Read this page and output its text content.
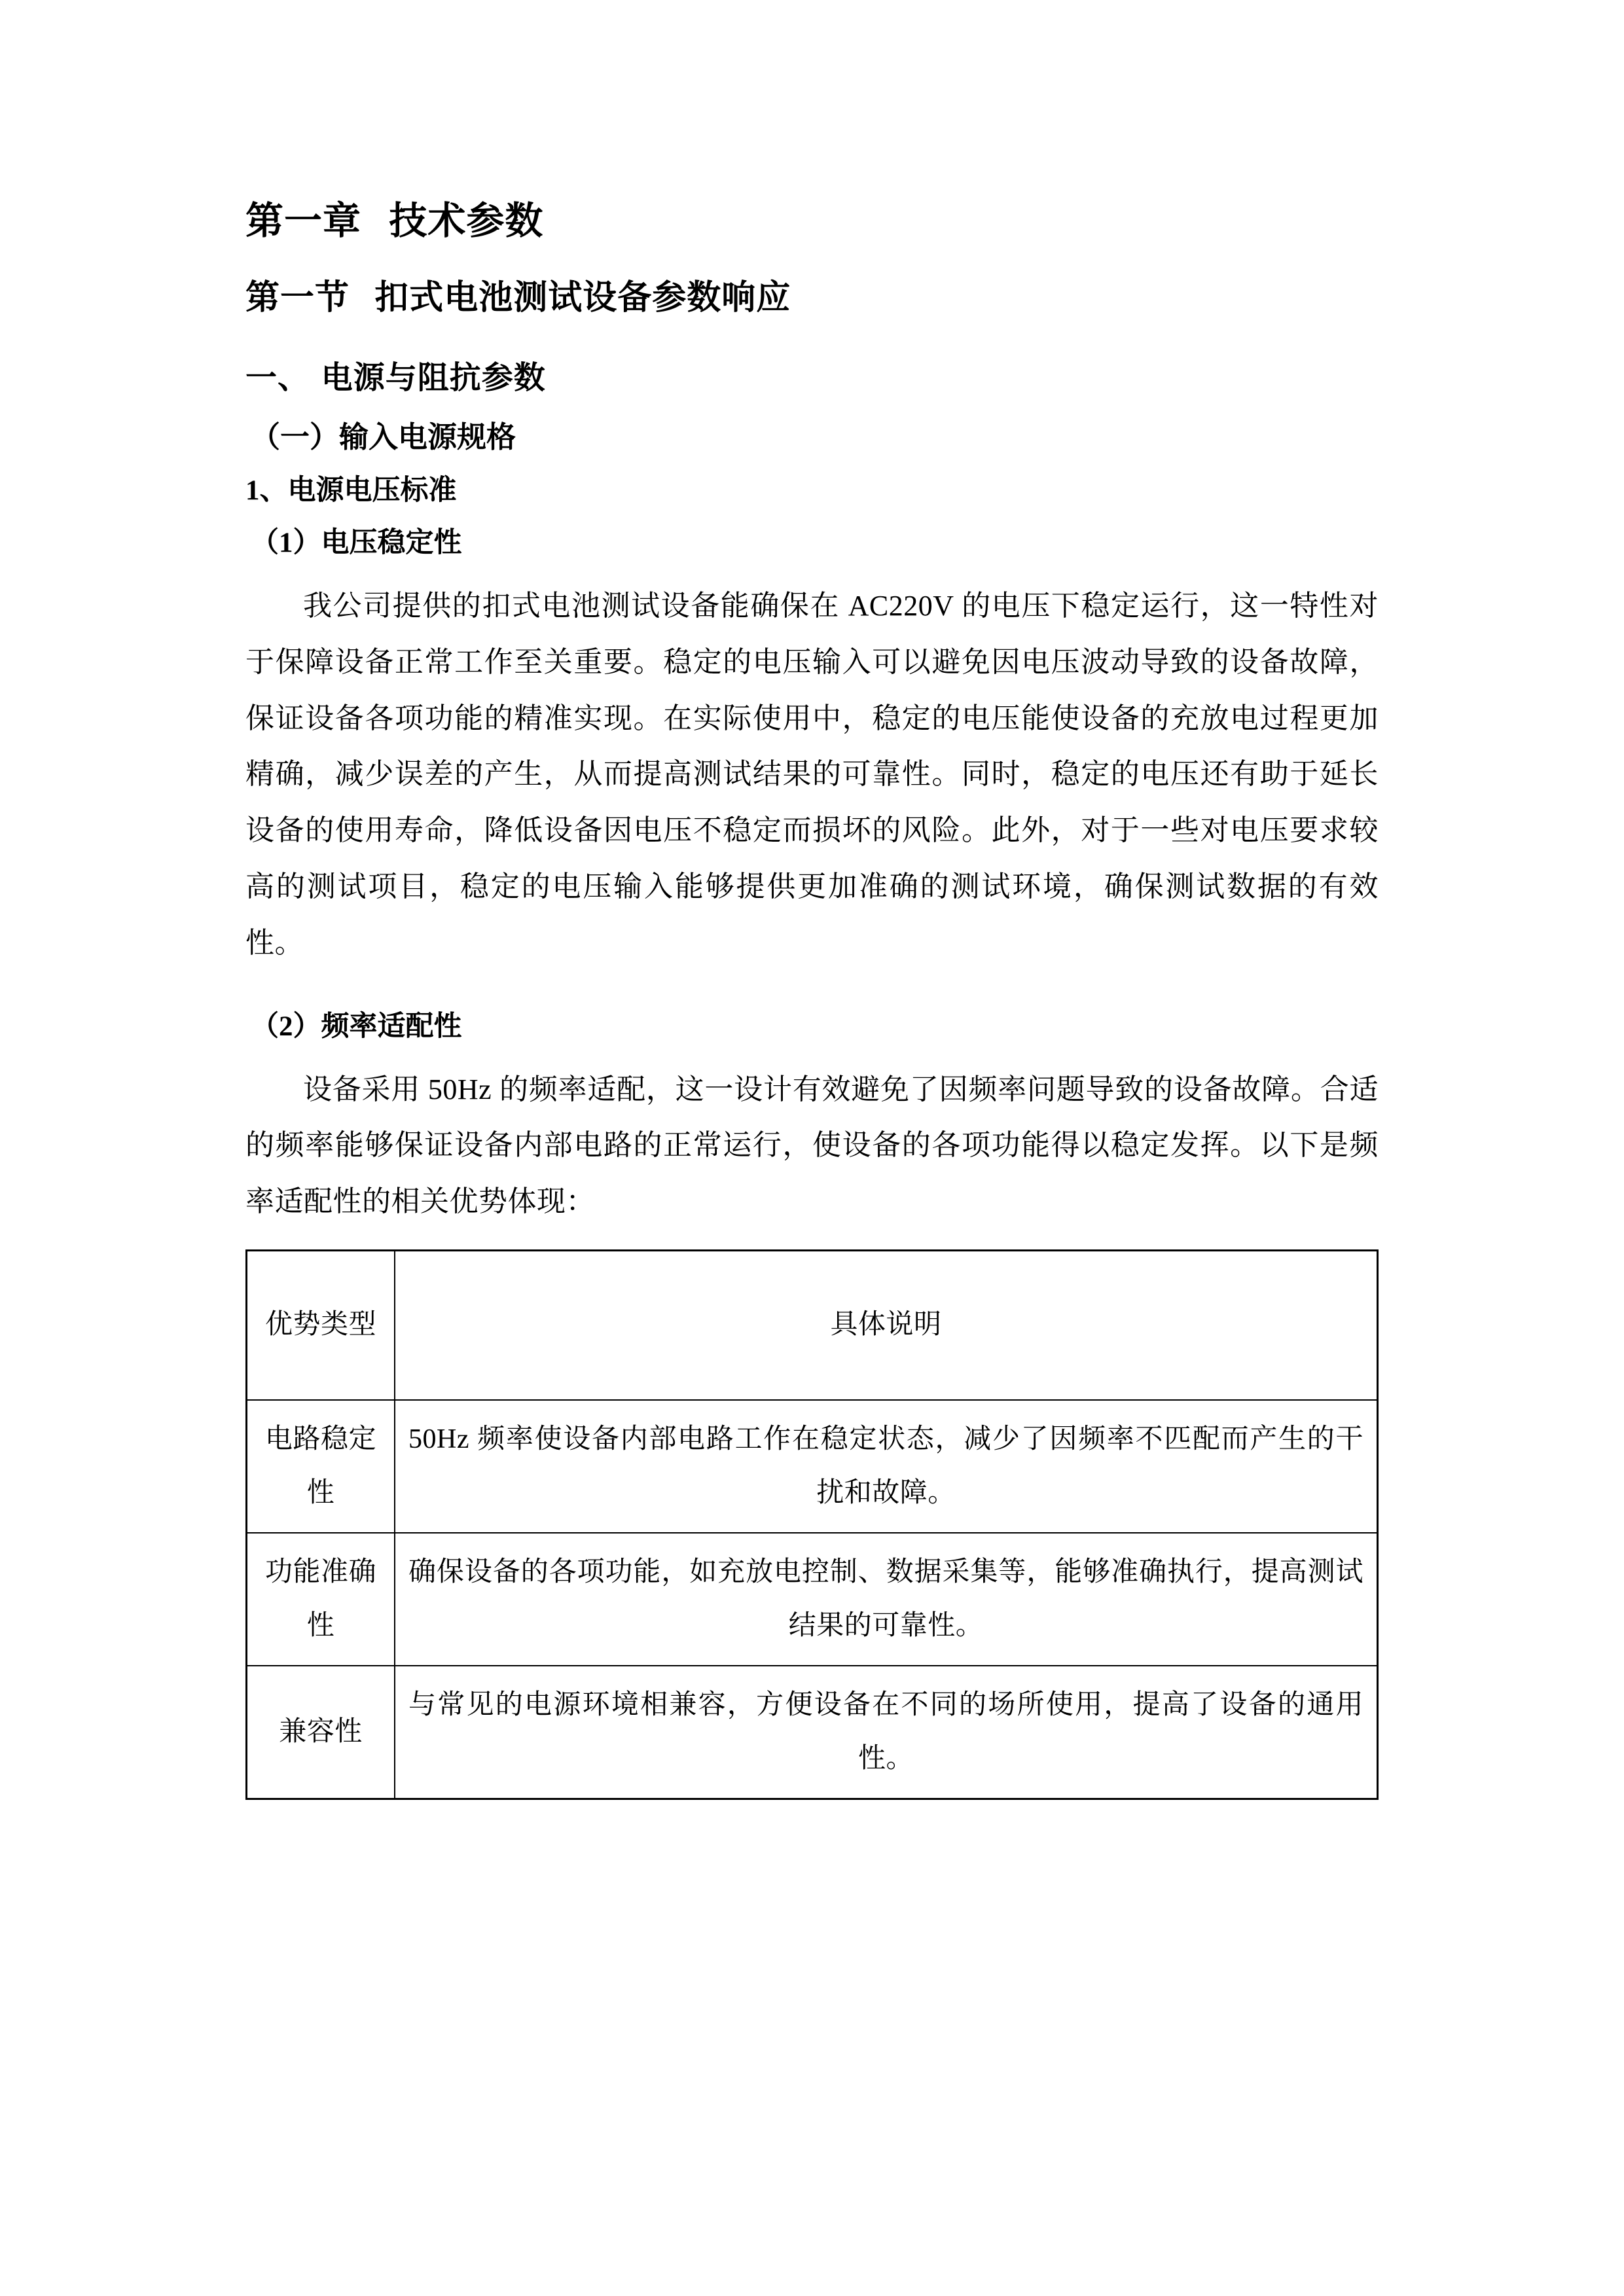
第一章  技术参数
第一节  扣式电池测试设备参数响应
一、 电源与阻抗参数
（一）输入电源规格
1、电源电压标准
（1）电压稳定性

我公司提供的扣式电池测试设备能确保在 AC220V 的电压下稳定运行，这一特性对于保障设备正常工作至关重要。稳定的电压输入可以避免因电压波动导致的设备故障，保证设备各项功能的精准实现。在实际使用中，稳定的电压能使设备的充放电过程更加精确，减少误差的产生，从而提高测试结果的可靠性。同时，稳定的电压还有助于延长设备的使用寿命，降低设备因电压不稳定而损坏的风险。此外，对于一些对电压要求较高的测试项目，稳定的电压输入能够提供更加准确的测试环境，确保测试数据的有效性。

（2）频率适配性

设备采用 50Hz 的频率适配，这一设计有效避免了因频率问题导致的设备故障。合适的频率能够保证设备内部电路的正常运行，使设备的各项功能得以稳定发挥。以下是频率适配性的相关优势体现：

优势类型	具体说明
电路稳定性	50Hz 频率使设备内部电路工作在稳定状态，减少了因频率不匹配而产生的干扰和故障。
功能准确性	确保设备的各项功能，如充放电控制、数据采集等，能够准确执行，提高测试结果的可靠性。
兼容性	与常见的电源环境相兼容，方便设备在不同的场所使用，提高了设备的通用性。
